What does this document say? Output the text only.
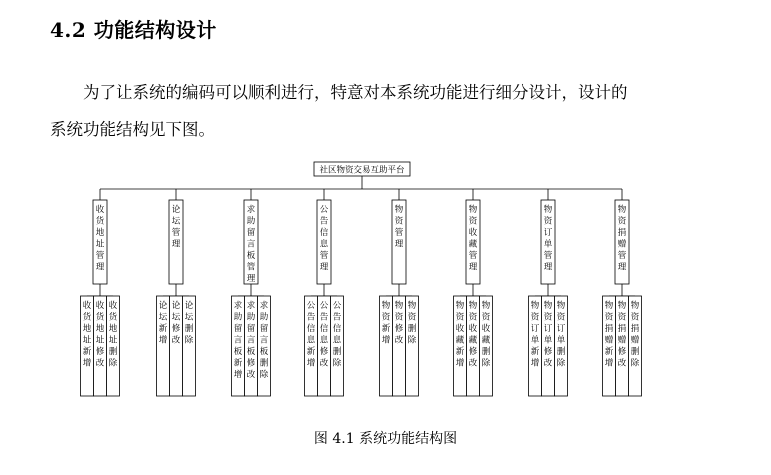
4.2 功能结构设计
为了让系统的编码可以顺利进行，特意对本系统功能进行细分设计，设计的
系统功能结构见下图。
社区物资交易互助平台
收货地址管理
收货地址新增
收货地址修改
收货地址删除
论坛管理
论坛新增
论坛修改
论坛删除
求助留言板管理
求助留言板新增
求助留言板修改
求助留言板删除
公告信息管理
公告信息新增
公告信息修改
公告信息删除
物资管理
物资新增
物资修改
物资删除
物资收藏管理
物资收藏新增
物资收藏修改
物资收藏删除
物资订单管理
物资订单新增
物资订单修改
物资订单删除
物资捐赠管理
物资捐赠新增
物资捐赠修改
物资捐赠删除
图 4.1 系统功能结构图
